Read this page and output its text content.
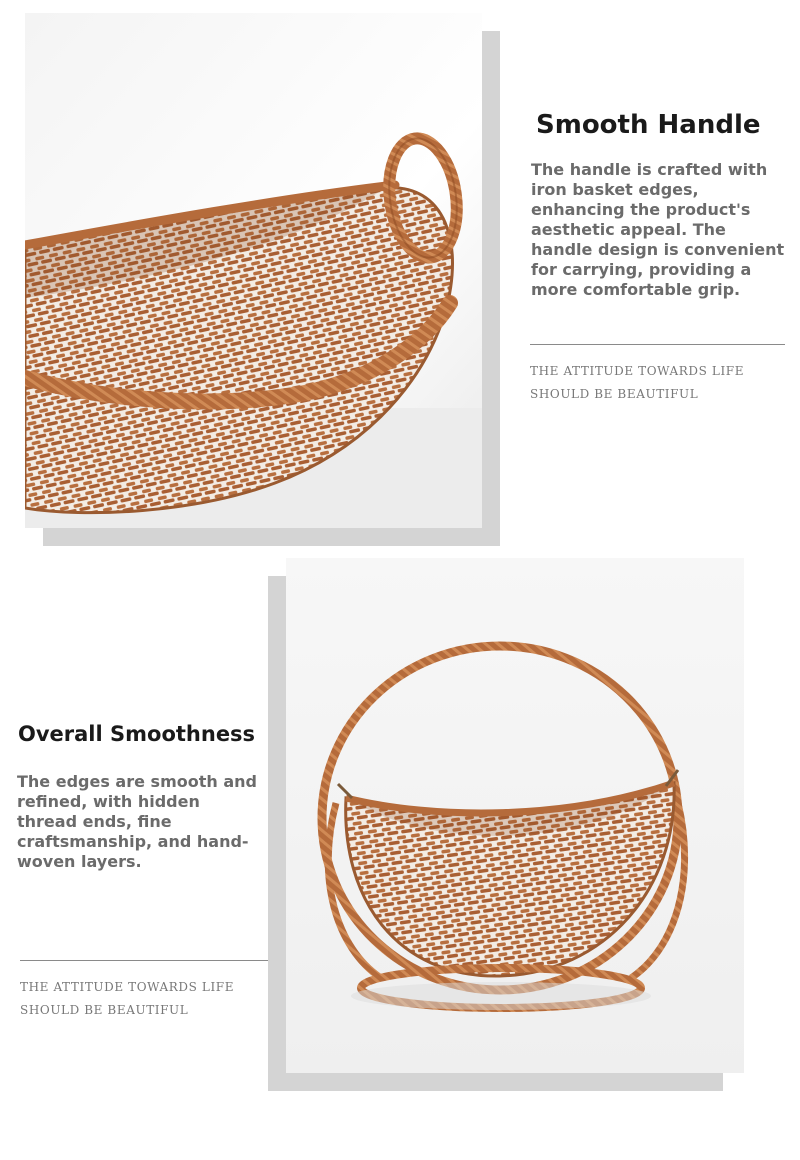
Smooth Handle

The handle is crafted with iron basket edges, enhancing the product's aesthetic appeal. The handle design is convenient for carrying, providing a more comfortable grip.

THE ATTITUDE TOWARDS LIFE
SHOULD BE BEAUTIFUL

Overall Smoothness

The edges are smooth and refined, with hidden thread ends, fine craftsmanship, and hand-woven layers.

THE ATTITUDE TOWARDS LIFE
SHOULD BE BEAUTIFUL
